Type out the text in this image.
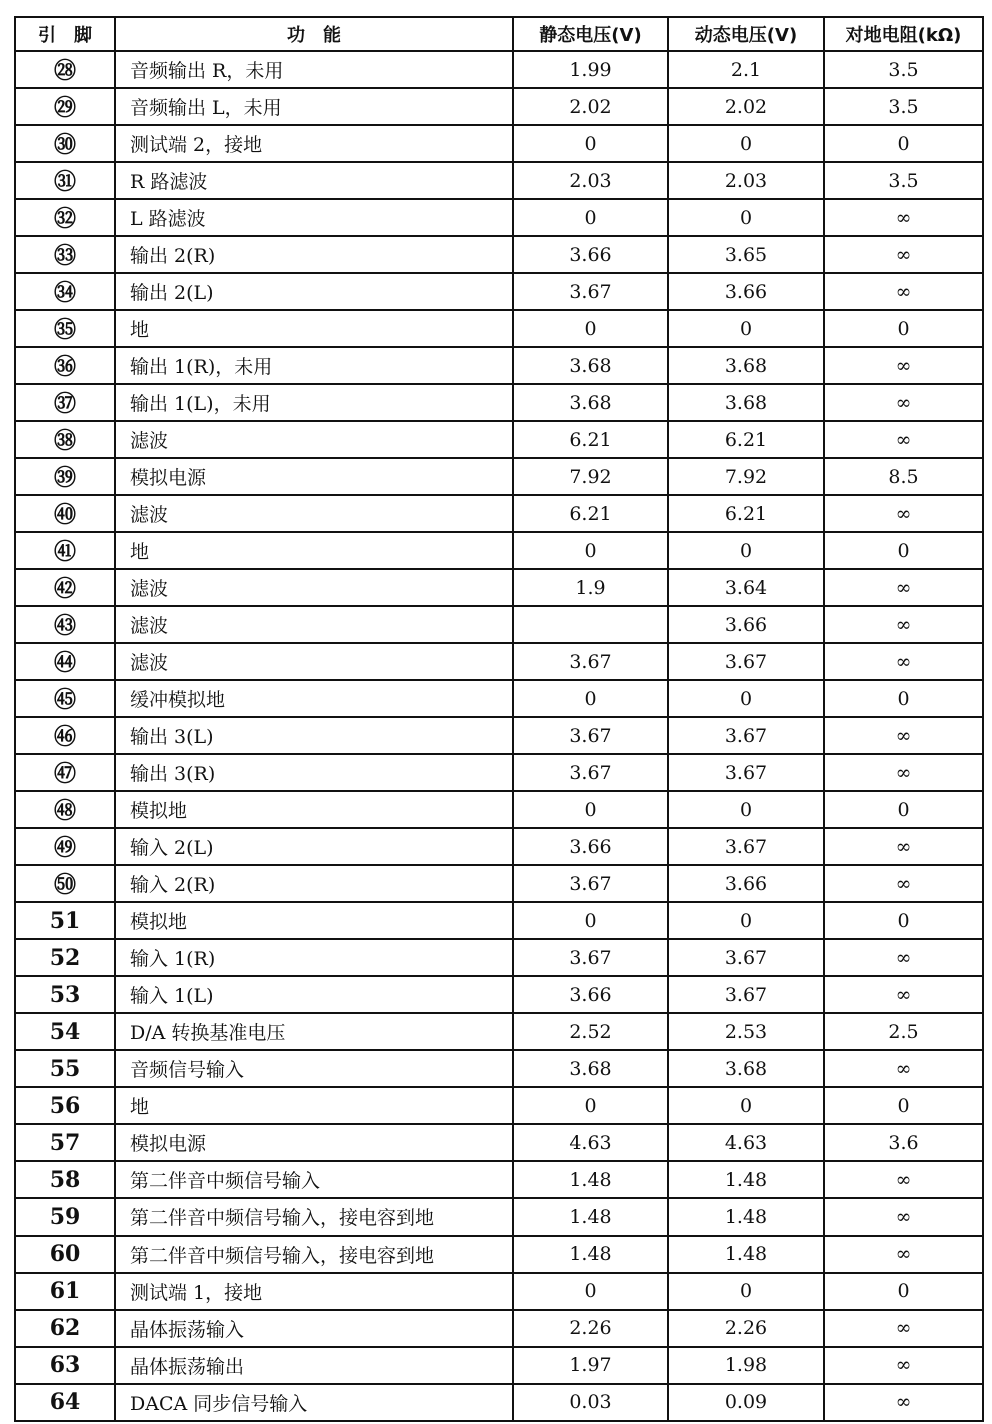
引　脚	功　能	静态电压(V)	动态电压(V)	对地电阻(kΩ)
㉘	音频输出 R，未用	1.99	2.1	3.5
㉙	音频输出 L，未用	2.02	2.02	3.5
㉚	测试端 2，接地	0	0	0
㉛	R 路滤波	2.03	2.03	3.5
㉜	L 路滤波	0	0	∞
㉝	输出 2(R)	3.66	3.65	∞
㉞	输出 2(L)	3.67	3.66	∞
㉟	地	0	0	0
㊱	输出 1(R)，未用	3.68	3.68	∞
㊲	输出 1(L)，未用	3.68	3.68	∞
㊳	滤波	6.21	6.21	∞
㊴	模拟电源	7.92	7.92	8.5
㊵	滤波	6.21	6.21	∞
㊶	地	0	0	0
㊷	滤波	1.9	3.64	∞
㊸	滤波		3.66	∞
㊹	滤波	3.67	3.67	∞
㊺	缓冲模拟地	0	0	0
㊻	输出 3(L)	3.67	3.67	∞
㊼	输出 3(R)	3.67	3.67	∞
㊽	模拟地	0	0	0
㊾	输入 2(L)	3.66	3.67	∞
㊿	输入 2(R)	3.67	3.66	∞
51	模拟地	0	0	0
52	输入 1(R)	3.67	3.67	∞
53	输入 1(L)	3.66	3.67	∞
54	D/A 转换基准电压	2.52	2.53	2.5
55	音频信号输入	3.68	3.68	∞
56	地	0	0	0
57	模拟电源	4.63	4.63	3.6
58	第二伴音中频信号输入	1.48	1.48	∞
59	第二伴音中频信号输入，接电容到地	1.48	1.48	∞
60	第二伴音中频信号输入，接电容到地	1.48	1.48	∞
61	测试端 1，接地	0	0	0
62	晶体振荡输入	2.26	2.26	∞
63	晶体振荡输出	1.97	1.98	∞
64	DACA 同步信号输入	0.03	0.09	∞
